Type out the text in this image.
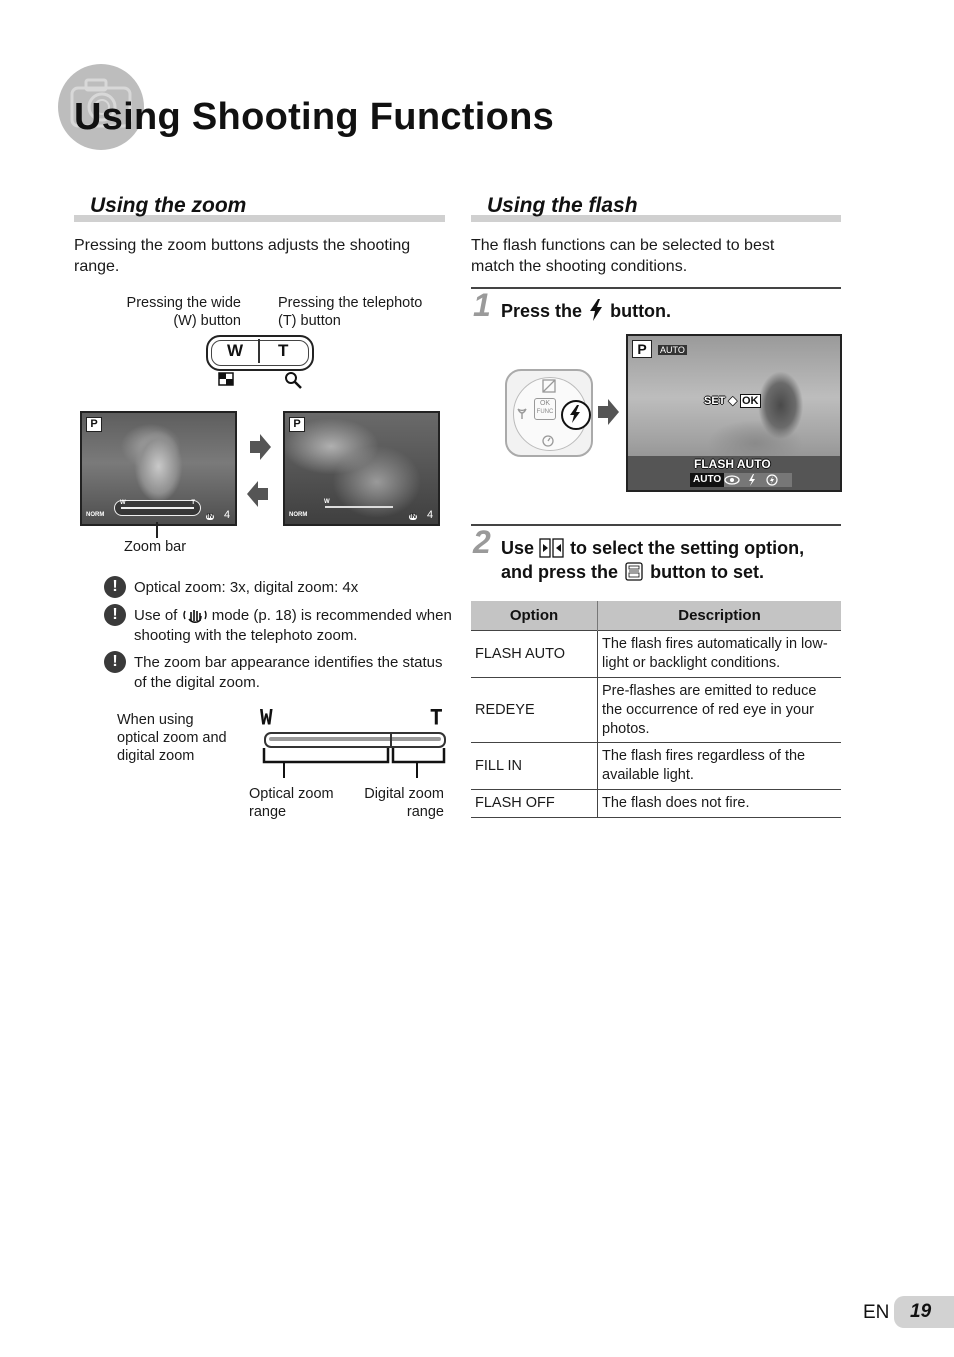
Using Shooting Functions
Using the zoom
Pressing the zoom buttons adjusts the shooting range.
Pressing the wide
(W) button
Pressing the telephoto
(T) button
W T
P
NORM
W	T
IN 4
P
NORM
W
IN 4
Zoom bar
!	Optical zoom: 3x, digital zoom: 4x
!	Use of mode (p. 18) is recommended when shooting with the telephoto zoom.
!	The zoom bar appearance identifies the status of the digital zoom.
When using
optical zoom and
digital zoom
W	T
Optical zoom
range
Digital zoom
range
Using the flash
The flash functions can be selected to best match the shooting conditions.
1 Press the button.
OK
FUNC
P	AUTO
SET ◆ OK
FLASH AUTO
AUTO
2 Use to select the setting option,
and press the button to set.
Option	Description
FLASH AUTO	The flash fires automatically in low-light or backlight conditions.
REDEYE	Pre-flashes are emitted to reduce the occurrence of red eye in your photos.
FILL IN	The flash fires regardless of the available light.
FLASH OFF	The flash does not fire.
EN 19
